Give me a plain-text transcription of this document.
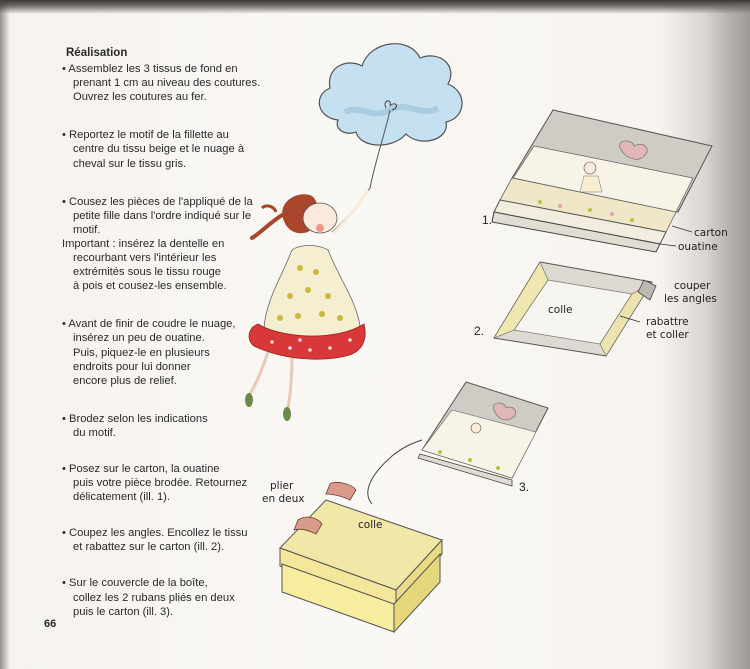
Réalisation
• Assemblez les 3 tissus de fond en
prenant 1 cm au niveau des coutures.
Ouvrez les coutures au fer.
• Reportez le motif de la fillette au
centre du tissu beige et le nuage à
cheval sur le tissu gris.
• Cousez les pièces de l'appliqué de la
petite fille dans l'ordre indiqué sur le
motif.
Important : insérez la dentelle en
recourbant vers l'intérieur les
extrémités sous le tissu rouge
à pois et cousez-les ensemble.
• Avant de finir de coudre le nuage,
insérez un peu de ouatine.
Puis, piquez-le en plusieurs
endroits pour lui donner
encore plus de relief.
• Brodez selon les indications
du motif.
• Posez sur le carton, la ouatine
puis votre pièce brodée. Retournez
délicatement (ill. 1).
• Coupez les angles. Encollez le tissu
et rabattez sur le carton (ill. 2).
• Sur le couvercle de la boîte,
collez les 2 rubans pliés en deux
puis le carton (ill. 3).
66
1.
2.
3.
carton
ouatine
couper
les angles
rabattre
et coller
colle
plier
en deux
colle
